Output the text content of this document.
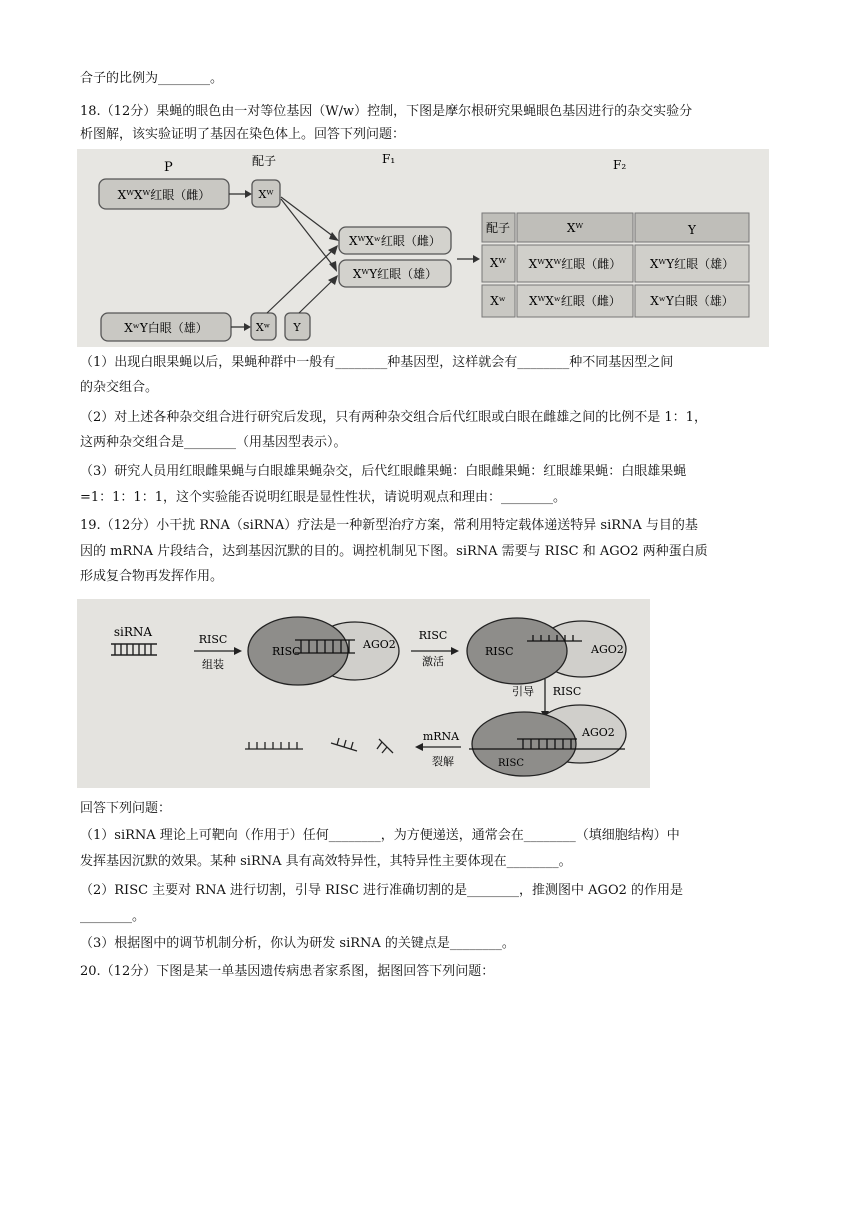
合子的比例为________。
18.（12分）果蝇的眼色由一对等位基因（W/w）控制，下图是摩尔根研究果蝇眼色基因进行的杂交实验分
析图解，该实验证明了基因在染色体上。回答下列问题：
P	配子	F₁	F₂
XᵂXᵂ红眼（雌）	Xᵂ
XʷY白眼（雄）	Xʷ Y
XᵂXʷ红眼（雌）
XᵂY红眼（雄）
配子	Xᵂ	Y
Xᵂ XᵂXᵂ红眼（雌） XᵂY红眼（雄）
Xʷ XᵂXʷ红眼（雌） XʷY白眼（雄）
（1）出现白眼果蝇以后，果蝇种群中一般有________种基因型，这样就会有________种不同基因型之间
的杂交组合。
（2）对上述各种杂交组合进行研究后发现，只有两种杂交组合后代红眼或白眼在雌雄之间的比例不是 1：1，
这两种杂交组合是________（用基因型表示）。
（3）研究人员用红眼雌果蝇与白眼雄果蝇杂交，后代红眼雌果蝇：白眼雌果蝇：红眼雄果蝇：白眼雄果蝇
=1：1：1：1，这个实验能否说明红眼是显性性状，请说明观点和理由：________。
19.（12分）小干扰 RNA（siRNA）疗法是一种新型治疗方案，常利用特定载体递送特异 siRNA 与目的基
因的 mRNA 片段结合，达到基因沉默的目的。调控机制见下图。siRNA 需要与 RISC 和 AGO2 两种蛋白质
形成复合物再发挥作用。
siRNA
RISC
组装
RISC
AGO2
RISC
激活
RISC	AGO2
引导 RISC
RISC
AGO2
mRNA
裂解
回答下列问题：
（1）siRNA 理论上可靶向（作用于）任何________，为方便递送，通常会在________（填细胞结构）中
发挥基因沉默的效果。某种 siRNA 具有高效特异性，其特异性主要体现在________。
（2）RISC 主要对 RNA 进行切割，引导 RISC 进行准确切割的是________，推测图中 AGO2 的作用是
________。
（3）根据图中的调节机制分析，你认为研发 siRNA 的关键点是________。
20.（12分）下图是某一单基因遗传病患者家系图，据图回答下列问题：
